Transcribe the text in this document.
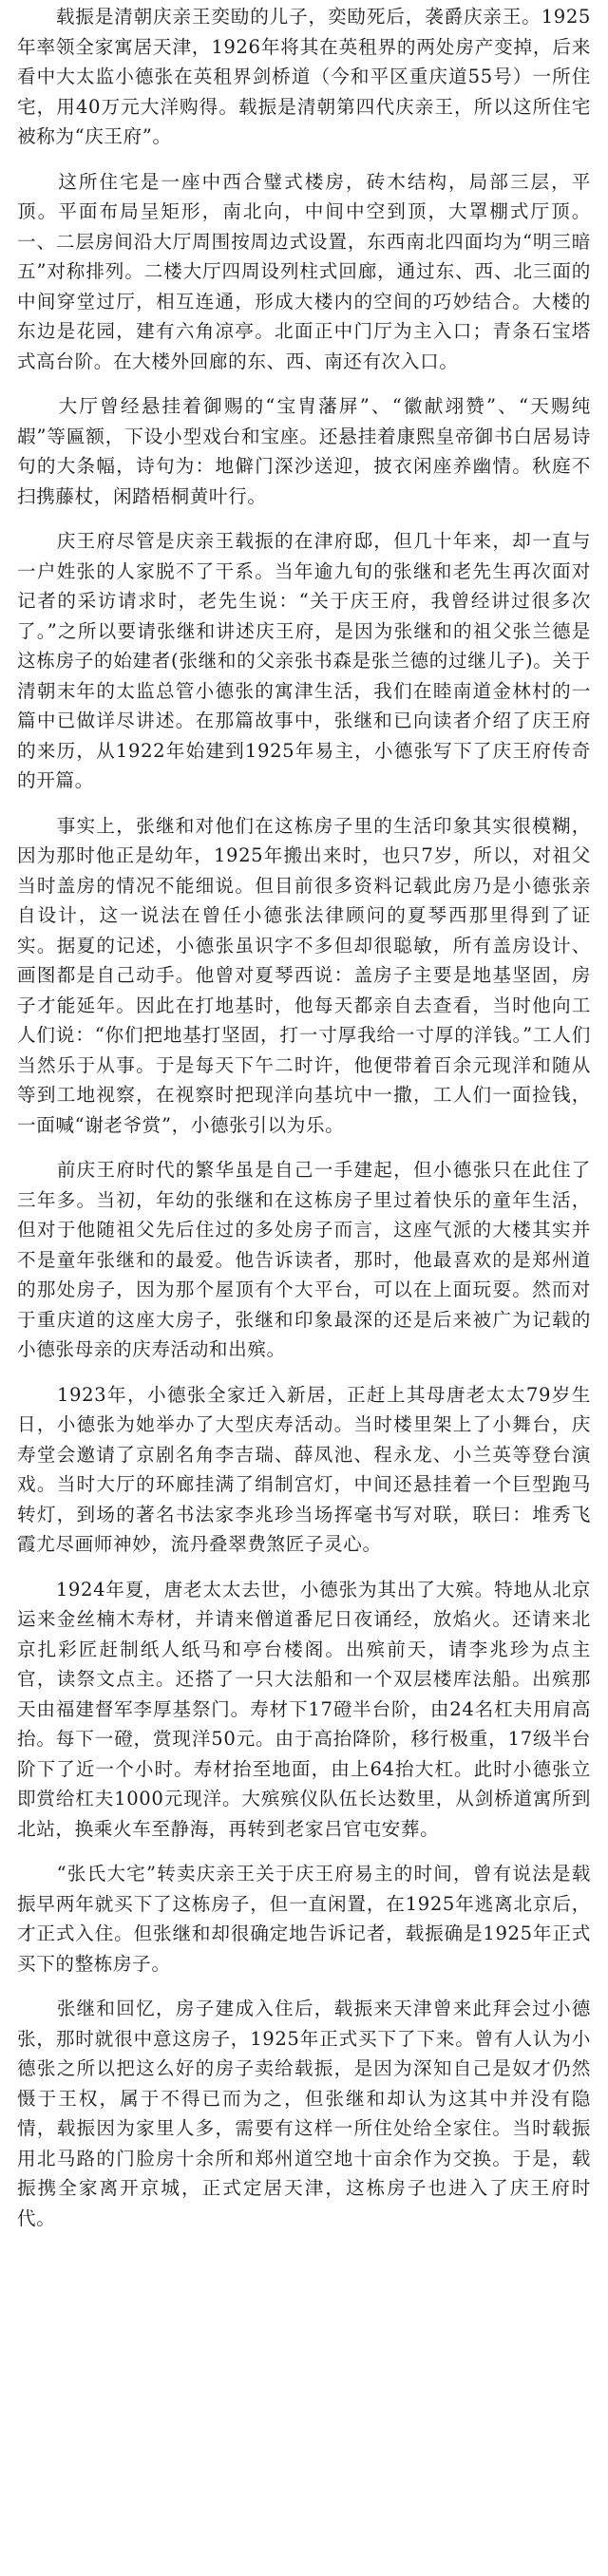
　　载振是清朝庆亲王奕劻的儿子，奕劻死后，袭爵庆亲王。1925年率领全家寓居天津，1926年将其在英租界的两处房产变掉，后来看中大太监小德张在英租界剑桥道（今和平区重庆道55号）一所住宅，用40万元大洋购得。载振是清朝第四代庆亲王，所以这所住宅被称为“庆王府”。

　　这所住宅是一座中西合璧式楼房，砖木结构，局部三层，平顶。平面布局呈矩形，南北向，中间中空到顶，大罩棚式厅顶。一、二层房间沿大厅周围按周边式设置，东西南北四面均为“明三暗五”对称排列。二楼大厅四周设列柱式回廊，通过东、西、北三面的中间穿堂过厅，相互连通，形成大楼内的空间的巧妙结合。大楼的东边是花园，建有六角凉亭。北面正中门厅为主入口；青条石宝塔式高台阶。在大楼外回廊的东、西、南还有次入口。

　　大厅曾经悬挂着御赐的“宝胄藩屏”、“徽献翊赞”、“天赐纯嘏”等匾额，下设小型戏台和宝座。还悬挂着康熙皇帝御书白居易诗句的大条幅，诗句为：地僻门深沙送迎，披衣闲座养幽情。秋庭不扫携藤杖，闲踏梧桐黄叶行。

　　庆王府尽管是庆亲王载振的在津府邸，但几十年来，却一直与一户姓张的人家脱不了干系。当年逾九旬的张继和老先生再次面对记者的采访请求时，老先生说：“关于庆王府，我曾经讲过很多次了。”之所以要请张继和讲述庆王府，是因为张继和的祖父张兰德是这栋房子的始建者(张继和的父亲张书森是张兰德的过继儿子)。关于清朝末年的太监总管小德张的寓津生活，我们在睦南道金林村的一篇中已做详尽讲述。在那篇故事中，张继和已向读者介绍了庆王府的来历，从1922年始建到1925年易主，小德张写下了庆王府传奇的开篇。

　　事实上，张继和对他们在这栋房子里的生活印象其实很模糊，因为那时他正是幼年，1925年搬出来时，也只7岁，所以，对祖父当时盖房的情况不能细说。但目前很多资料记载此房乃是小德张亲自设计，这一说法在曾任小德张法律顾问的夏琴西那里得到了证实。据夏的记述，小德张虽识字不多但却很聪敏，所有盖房设计、画图都是自己动手。他曾对夏琴西说：盖房子主要是地基坚固，房子才能延年。因此在打地基时，他每天都亲自去查看，当时他向工人们说：“你们把地基打坚固，打一寸厚我给一寸厚的洋钱。”工人们当然乐于从事。于是每天下午二时许，他便带着百余元现洋和随从等到工地视察，在视察时把现洋向基坑中一撒，工人们一面捡钱，一面喊“谢老爷赏”，小德张引以为乐。

　　前庆王府时代的繁华虽是自己一手建起，但小德张只在此住了三年多。当初，年幼的张继和在这栋房子里过着快乐的童年生活，但对于他随祖父先后住过的多处房子而言，这座气派的大楼其实并不是童年张继和的最爱。他告诉读者，那时，他最喜欢的是郑州道的那处房子，因为那个屋顶有个大平台，可以在上面玩耍。然而对于重庆道的这座大房子，张继和印象最深的还是后来被广为记载的小德张母亲的庆寿活动和出殡。

　　1923年，小德张全家迁入新居，正赶上其母唐老太太79岁生日，小德张为她举办了大型庆寿活动。当时楼里架上了小舞台，庆寿堂会邀请了京剧名角李吉瑞、薛凤池、程永龙、小兰英等登台演戏。当时大厅的环廊挂满了绢制宫灯，中间还悬挂着一个巨型跑马转灯，到场的著名书法家李兆珍当场挥毫书写对联，联曰：堆秀飞霞尤尽画师神妙，流丹叠翠费煞匠子灵心。

　　1924年夏，唐老太太去世，小德张为其出了大殡。特地从北京运来金丝楠木寿材，并请来僧道番尼日夜诵经，放焰火。还请来北京扎彩匠赶制纸人纸马和亭台楼阁。出殡前天，请李兆珍为点主官，读祭文点主。还搭了一只大法船和一个双层楼库法船。出殡那天由福建督军李厚基祭门。寿材下17磴半台阶，由24名杠夫用肩高抬。每下一磴，赏现洋50元。由于高抬降阶，移行极重，17级半台阶下了近一个小时。寿材抬至地面，由上64抬大杠。此时小德张立即赏给杠夫1000元现洋。大殡殡仪队伍长达数里，从剑桥道寓所到北站，换乘火车至静海，再转到老家吕官屯安葬。

　　“张氏大宅”转卖庆亲王关于庆王府易主的时间，曾有说法是载振早两年就买下了这栋房子，但一直闲置，在1925年逃离北京后，才正式入住。但张继和却很确定地告诉记者，载振确是1925年正式买下的整栋房子。

　　张继和回忆，房子建成入住后，载振来天津曾来此拜会过小德张，那时就很中意这房子，1925年正式买下了下来。曾有人认为小德张之所以把这么好的房子卖给载振，是因为深知自己是奴才仍然慑于王权，属于不得已而为之，但张继和却认为这其中并没有隐情，载振因为家里人多，需要有这样一所住处给全家住。当时载振用北马路的门脸房十余所和郑州道空地十亩余作为交换。于是，载振携全家离开京城，正式定居天津，这栋房子也进入了庆王府时代。
